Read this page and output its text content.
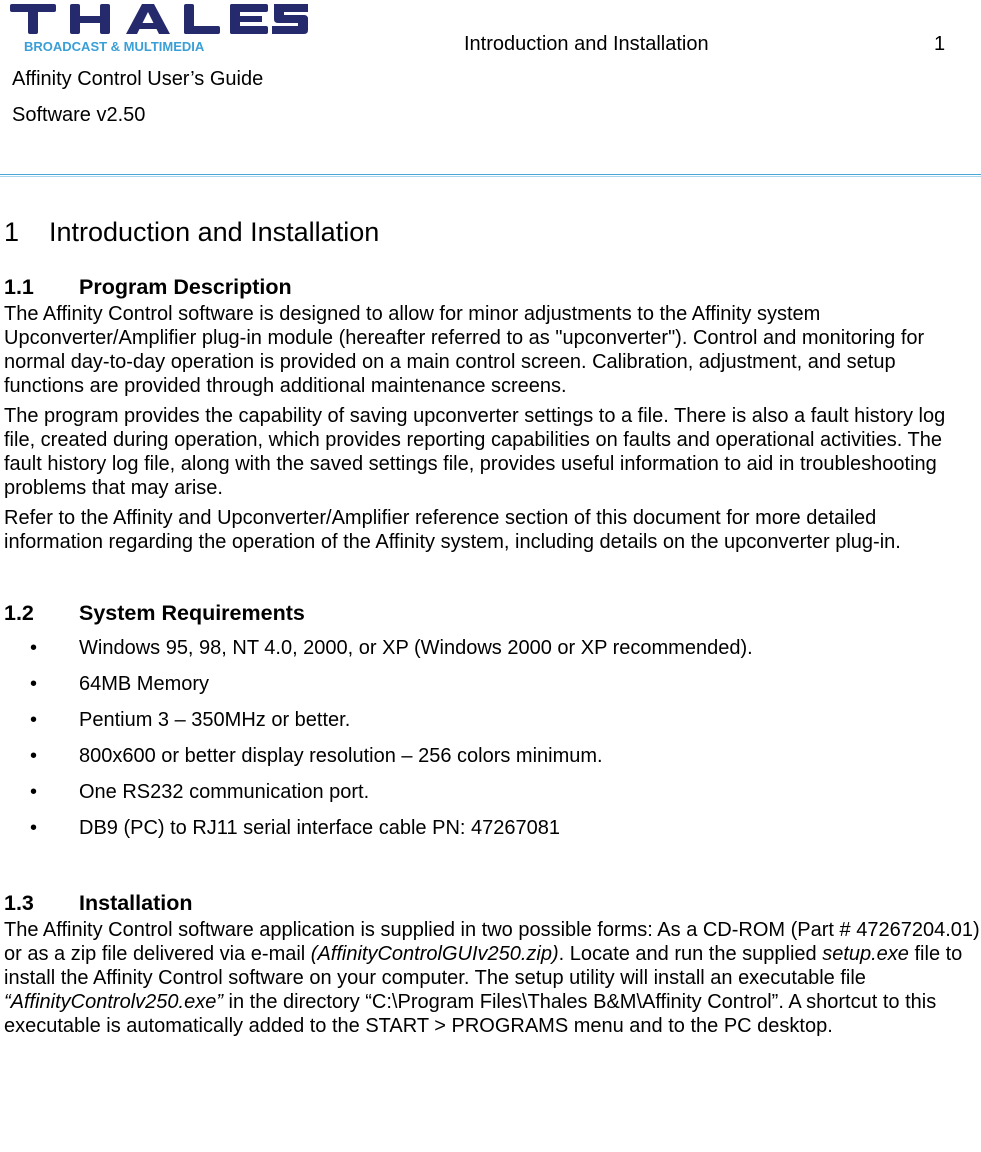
BROADCAST & MULTIMEDIA	Introduction and Installation	1
Affinity Control User’s Guide
Software v2.50
1 Introduction and Installation
1.1 Program Description

The Affinity Control software is designed to allow for minor adjustments to the Affinity system Upconverter/Amplifier plug-in module (hereafter referred to as "upconverter"). Control and monitoring for normal day-to-day operation is provided on a main control screen. Calibration, adjustment, and setup functions are provided through additional maintenance screens.

The program provides the capability of saving upconverter settings to a file. There is also a fault history log file, created during operation, which provides reporting capabilities on faults and operational activities. The fault history log file, along with the saved settings file, provides useful information to aid in troubleshooting problems that may arise.

Refer to the Affinity and Upconverter/Amplifier reference section of this document for more detailed information regarding the operation of the Affinity system, including details on the upconverter plug-in.

1.2 System Requirements
• Windows 95, 98, NT 4.0, 2000, or XP (Windows 2000 or XP recommended).
• 64MB Memory
• Pentium 3 – 350MHz or better.
• 800x600 or better display resolution – 256 colors minimum.
• One RS232 communication port.
• DB9 (PC) to RJ11 serial interface cable PN: 47267081
1.3 Installation

The Affinity Control software application is supplied in two possible forms: As a CD-ROM (Part # 47267204.01) or as a zip file delivered via e-mail (AffinityControlGUIv250.zip). Locate and run the supplied setup.exe file to install the Affinity Control software on your computer. The setup utility will install an executable file “AffinityControlv250.exe” in the directory “C:\Program Files\Thales B&M\Affinity Control”. A shortcut to this executable is automatically added to the START > PROGRAMS menu and to the PC desktop.
